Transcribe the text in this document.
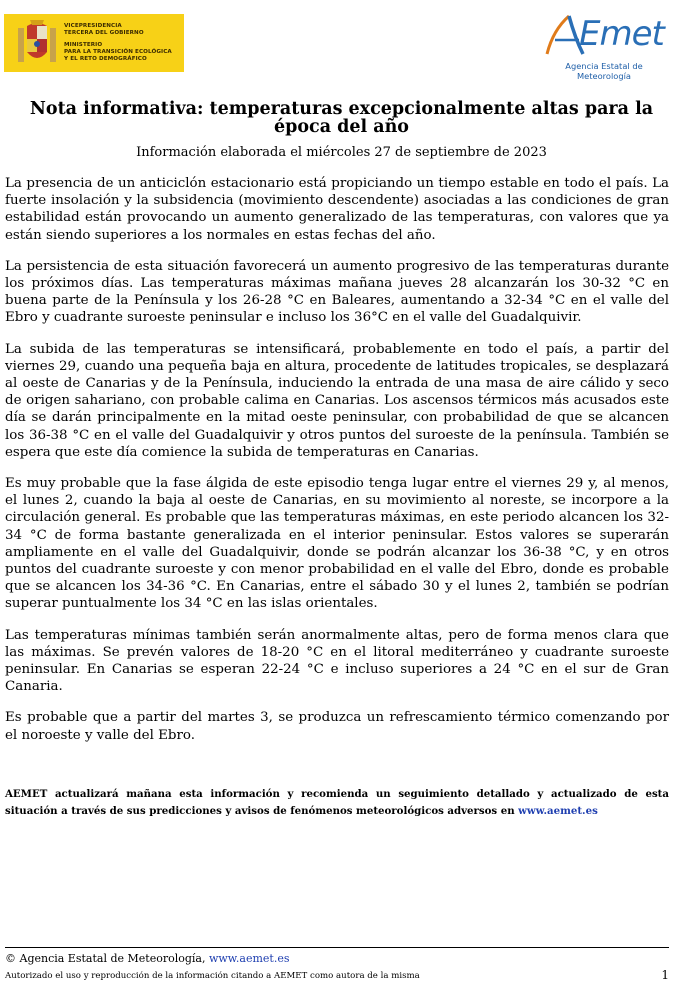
VICEPRESIDENCIA
TERCERA DEL GOBIERNO
MINISTERIO
PARA LA TRANSICIÓN ECOLÓGICA
Y EL RETO DEMOGRÁFICO
Emet
Agencia Estatal de Meteorología
Nota informativa: temperaturas excepcionalmente altas para la época del año
Información elaborada el miércoles 27 de septiembre de 2023

La presencia de un anticiclón estacionario está propiciando un tiempo estable en todo el país. La fuerte insolación y la subsidencia (movimiento descendente) asociadas a las condiciones de gran estabilidad están provocando un aumento generalizado de las temperaturas, con valores que ya están siendo superiores a los normales en estas fechas del año.

La persistencia de esta situación favorecerá un aumento progresivo de las temperaturas durante los próximos días. Las temperaturas máximas mañana jueves 28 alcanzarán los 30-32 °C en buena parte de la Península y los 26-28 °C en Baleares, aumentando a 32-34 °C en el valle del Ebro y cuadrante suroeste peninsular e incluso los 36°C en el valle del Guadalquivir.

La subida de las temperaturas se intensificará, probablemente en todo el país, a partir del viernes 29, cuando una pequeña baja en altura, procedente de latitudes tropicales, se desplazará al oeste de Canarias y de la Península, induciendo la entrada de una masa de aire cálido y seco de origen sahariano, con probable calima en Canarias. Los ascensos térmicos más acusados este día se darán principalmente en la mitad oeste peninsular, con probabilidad de que se alcancen los 36-38 °C en el valle del Guadalquivir y otros puntos del suroeste de la península. También se espera que este día comience la subida de temperaturas en Canarias.

Es muy probable que la fase álgida de este episodio tenga lugar entre el viernes 29 y, al menos, el lunes 2, cuando la baja al oeste de Canarias, en su movimiento al noreste, se incorpore a la circulación general. Es probable que las temperaturas máximas, en este periodo alcancen los 32-34 °C de forma bastante generalizada en el interior peninsular. Estos valores se superarán ampliamente en el valle del Guadalquivir, donde se podrán alcanzar los 36-38 °C, y en otros puntos del cuadrante suroeste y con menor probabilidad en el valle del Ebro, donde es probable que se alcancen los 34-36 °C. En Canarias, entre el sábado 30 y el lunes 2, también se podrían superar puntualmente los 34 °C en las islas orientales.

Las temperaturas mínimas también serán anormalmente altas, pero de forma menos clara que las máximas. Se prevén valores de 18-20 °C en el litoral mediterráneo y cuadrante suroeste peninsular. En Canarias se esperan 22-24 °C e incluso superiores a 24 °C en el sur de Gran Canaria.

Es probable que a partir del martes 3, se produzca un refrescamiento térmico comenzando por el noroeste y valle del Ebro.

AEMET actualizará mañana esta información y recomienda un seguimiento detallado y actualizado de esta situación a través de sus predicciones y avisos de fenómenos meteorológicos adversos en www.aemet.es
© Agencia Estatal de Meteorología, www.aemet.es
Autorizado el uso y reproducción de la información citando a AEMET como autora de la misma	1
